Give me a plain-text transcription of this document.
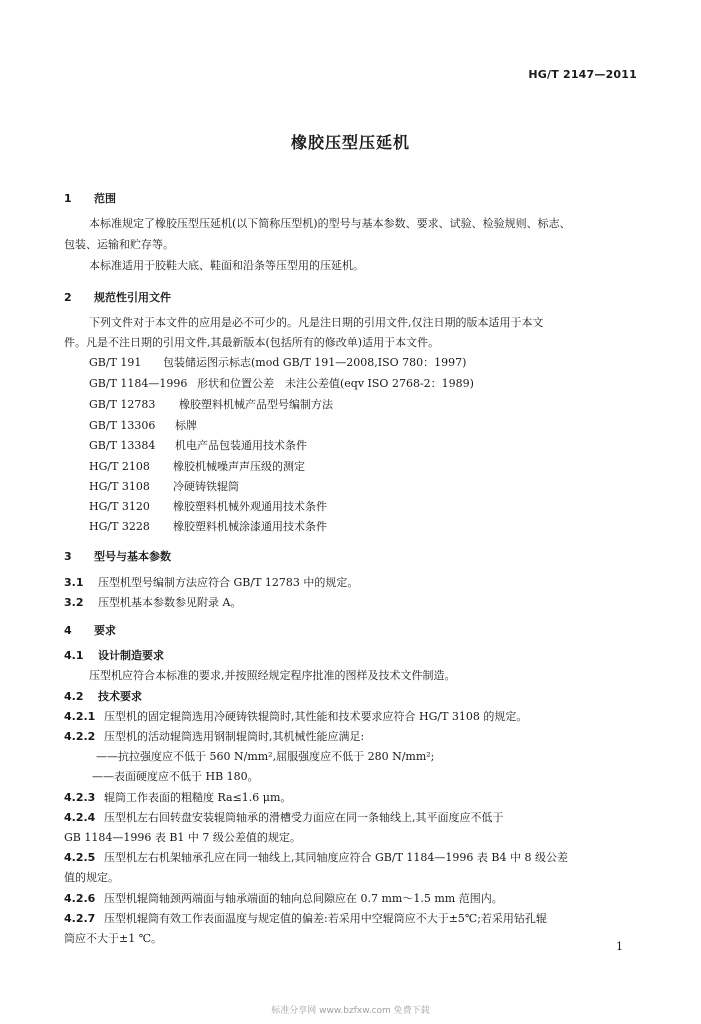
HG/T 2147—2011
橡胶压型压延机
1 范围
本标准规定了橡胶压型压延机(以下简称压型机)的型号与基本参数、要求、试验、检验规则、标志、
包装、运输和贮存等。
本标准适用于胶鞋大底、鞋面和沿条等压型用的压延机。
2 规范性引用文件
下列文件对于本文件的应用是必不可少的。凡是注日期的引用文件,仅注日期的版本适用于本文
件。凡是不注日期的引用文件,其最新版本(包括所有的修改单)适用于本文件。
GB/T 191 包装储运图示标志(mod GB/T 191—2008,ISO 780：1997)
GB/T 1184—1996 形状和位置公差　未注公差值(eqv ISO 2768-2：1989)
GB/T 12783 橡胶塑料机械产品型号编制方法
GB/T 13306 标牌
GB/T 13384 机电产品包装通用技术条件
HG/T 2108 橡胶机械噪声声压级的测定
HG/T 3108 冷硬铸铁辊筒
HG/T 3120 橡胶塑料机械外观通用技术条件
HG/T 3228 橡胶塑料机械涂漆通用技术条件
3 型号与基本参数
3.1 压型机型号编制方法应符合 GB/T 12783 中的规定。
3.2 压型机基本参数参见附录 A。
4 要求
4.1 设计制造要求
压型机应符合本标准的要求,并按照经规定程序批准的图样及技术文件制造。
4.2 技术要求
4.2.1 压型机的固定辊筒选用冷硬铸铁辊筒时,其性能和技术要求应符合 HG/T 3108 的规定。
4.2.2 压型机的活动辊筒选用钢制辊筒时,其机械性能应满足:
——抗拉强度应不低于 560 N/mm²,屈服强度应不低于 280 N/mm²;
——表面硬度应不低于 HB 180。
4.2.3 辊筒工作表面的粗糙度 Ra≤1.6 μm。
4.2.4 压型机左右回转盘安装辊筒轴承的滑槽受力面应在同一条轴线上,其平面度应不低于
GB 1184—1996 表 B1 中 7 级公差值的规定。
4.2.5 压型机左右机架轴承孔应在同一轴线上,其同轴度应符合 GB/T 1184—1996 表 B4 中 8 级公差
值的规定。
4.2.6 压型机辊筒轴颈两端面与轴承端面的轴向总间隙应在 0.7 mm～1.5 mm 范围内。
4.2.7 压型机辊筒有效工作表面温度与规定值的偏差:若采用中空辊筒应不大于±5℃;若采用钻孔辊
筒应不大于±1 ℃。
1
标准分享网 www.bzfxw.com 免费下载
